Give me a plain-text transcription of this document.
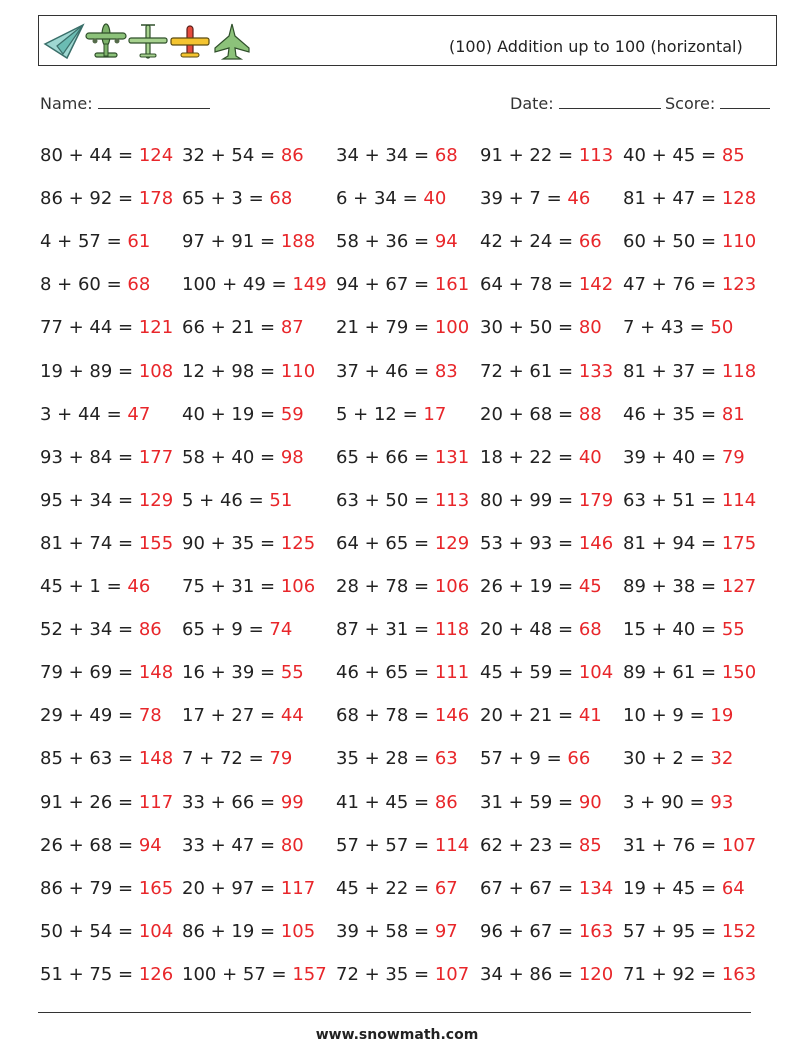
(100) Addition up to 100 (horizontal)
Name:	Date:	Score:
80 + 44 = 124 32 + 54 = 86 34 + 34 = 68 91 + 22 = 113 40 + 45 = 85
86 + 92 = 178 65 + 3 = 68 6 + 34 = 40 39 + 7 = 46 81 + 47 = 128
4 + 57 = 61 97 + 91 = 188 58 + 36 = 94 42 + 24 = 66 60 + 50 = 110
8 + 60 = 68 100 + 49 = 149 94 + 67 = 161 64 + 78 = 142 47 + 76 = 123
77 + 44 = 121 66 + 21 = 87 21 + 79 = 100 30 + 50 = 80 7 + 43 = 50
19 + 89 = 108 12 + 98 = 110 37 + 46 = 83 72 + 61 = 133 81 + 37 = 118
3 + 44 = 47 40 + 19 = 59 5 + 12 = 17 20 + 68 = 88 46 + 35 = 81
93 + 84 = 177 58 + 40 = 98 65 + 66 = 131 18 + 22 = 40 39 + 40 = 79
95 + 34 = 129 5 + 46 = 51 63 + 50 = 113 80 + 99 = 179 63 + 51 = 114
81 + 74 = 155 90 + 35 = 125 64 + 65 = 129 53 + 93 = 146 81 + 94 = 175
45 + 1 = 46 75 + 31 = 106 28 + 78 = 106 26 + 19 = 45 89 + 38 = 127
52 + 34 = 86 65 + 9 = 74 87 + 31 = 118 20 + 48 = 68 15 + 40 = 55
79 + 69 = 148 16 + 39 = 55 46 + 65 = 111 45 + 59 = 104 89 + 61 = 150
29 + 49 = 78 17 + 27 = 44 68 + 78 = 146 20 + 21 = 41 10 + 9 = 19
85 + 63 = 148 7 + 72 = 79 35 + 28 = 63 57 + 9 = 66 30 + 2 = 32
91 + 26 = 117 33 + 66 = 99 41 + 45 = 86 31 + 59 = 90 3 + 90 = 93
26 + 68 = 94 33 + 47 = 80 57 + 57 = 114 62 + 23 = 85 31 + 76 = 107
86 + 79 = 165 20 + 97 = 117 45 + 22 = 67 67 + 67 = 134 19 + 45 = 64
50 + 54 = 104 86 + 19 = 105 39 + 58 = 97 96 + 67 = 163 57 + 95 = 152
51 + 75 = 126 100 + 57 = 157 72 + 35 = 107 34 + 86 = 120 71 + 92 = 163
www.snowmath.com
